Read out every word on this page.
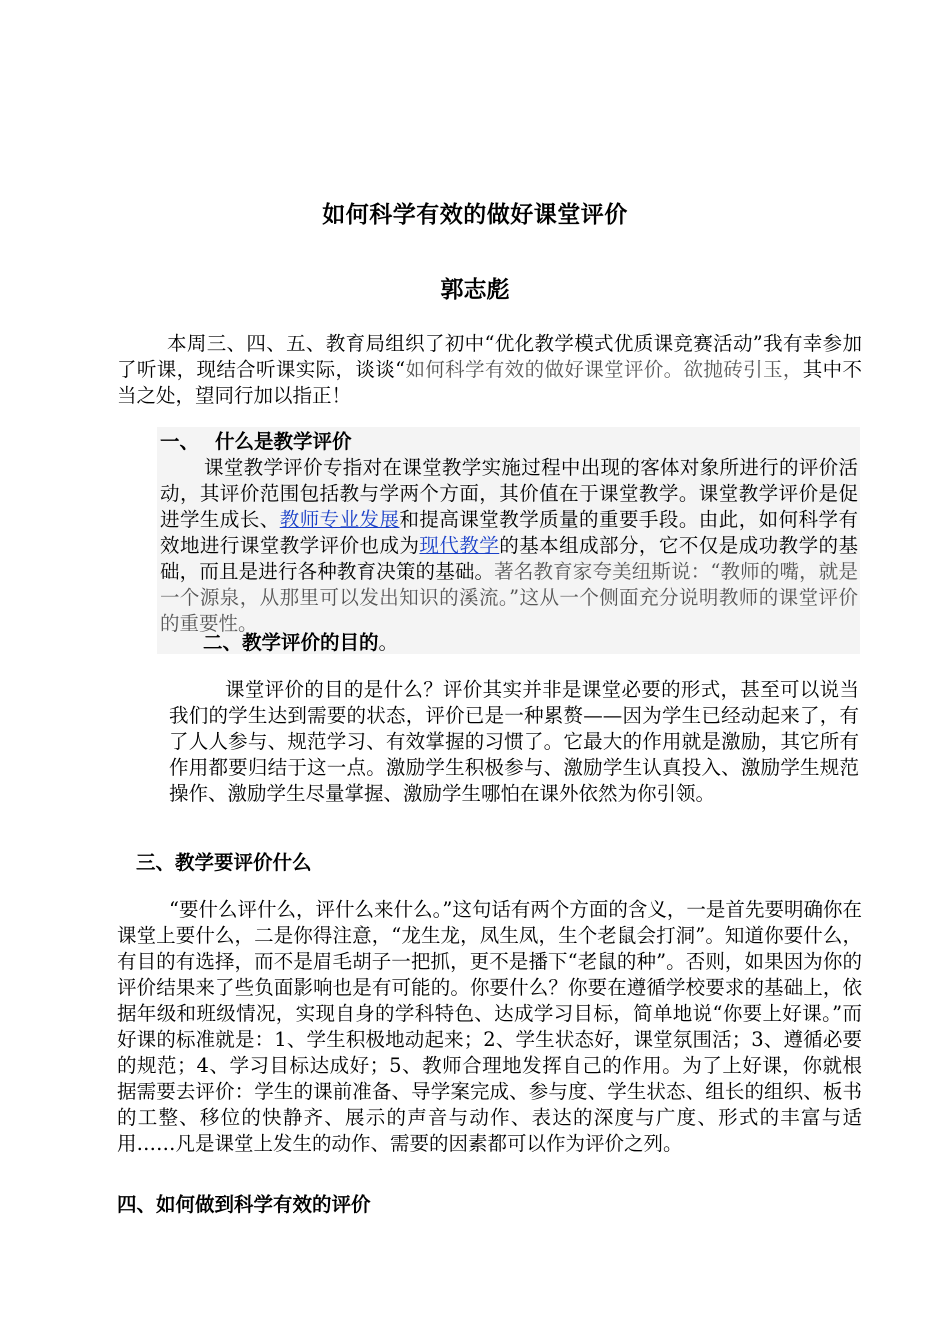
如何科学有效的做好课堂评价
郭志彪
本周三、四、五、教育局组织了初中“优化教学模式优质课竞赛活动”我有幸参加了听课，现结合听课实际，谈谈“如何科学有效的做好课堂评价。欲抛砖引玉，其中不当之处，望同行加以指正！
一、 什么是教学评价
课堂教学评价专指对在课堂教学实施过程中出现的客体对象所进行的评价活动，其评价范围包括教与学两个方面，其价值在于课堂教学。课堂教学评价是促进学生成长、教师专业发展和提高课堂教学质量的重要手段。由此，如何科学有效地进行课堂教学评价也成为现代教学的基本组成部分，它不仅是成功教学的基础，而且是进行各种教育决策的基础。著名教育家夸美纽斯说：“教师的嘴，就是一个源泉，从那里可以发出知识的溪流。”这从一个侧面充分说明教师的课堂评价的重要性。
二、教学评价的目的。
课堂评价的目的是什么？评价其实并非是课堂必要的形式，甚至可以说当我们的学生达到需要的状态，评价已是一种累赘——因为学生已经动起来了，有了人人参与、规范学习、有效掌握的习惯了。它最大的作用就是激励，其它所有作用都要归结于这一点。激励学生积极参与、激励学生认真投入、激励学生规范操作、激励学生尽量掌握、激励学生哪怕在课外依然为你引领。
三、教学要评价什么
“要什么评什么，评什么来什么。”这句话有两个方面的含义，一是首先要明确你在课堂上要什么，二是你得注意，“龙生龙，凤生凤，生个老鼠会打洞”。知道你要什么，有目的有选择，而不是眉毛胡子一把抓，更不是播下“老鼠的种”。否则，如果因为你的评价结果来了些负面影响也是有可能的。你要什么？你要在遵循学校要求的基础上，依据年级和班级情况，实现自身的学科特色、达成学习目标，简单地说“你要上好课。”而好课的标准就是：1、学生积极地动起来；2、学生状态好，课堂氛围活；3、遵循必要的规范；4、学习目标达成好；5、教师合理地发挥自己的作用。为了上好课，你就根据需要去评价：学生的课前准备、导学案完成、参与度、学生状态、组长的组织、板书的工整、移位的快静齐、展示的声音与动作、表达的深度与广度、形式的丰富与适用……凡是课堂上发生的动作、需要的因素都可以作为评价之列。
四、如何做到科学有效的评价
